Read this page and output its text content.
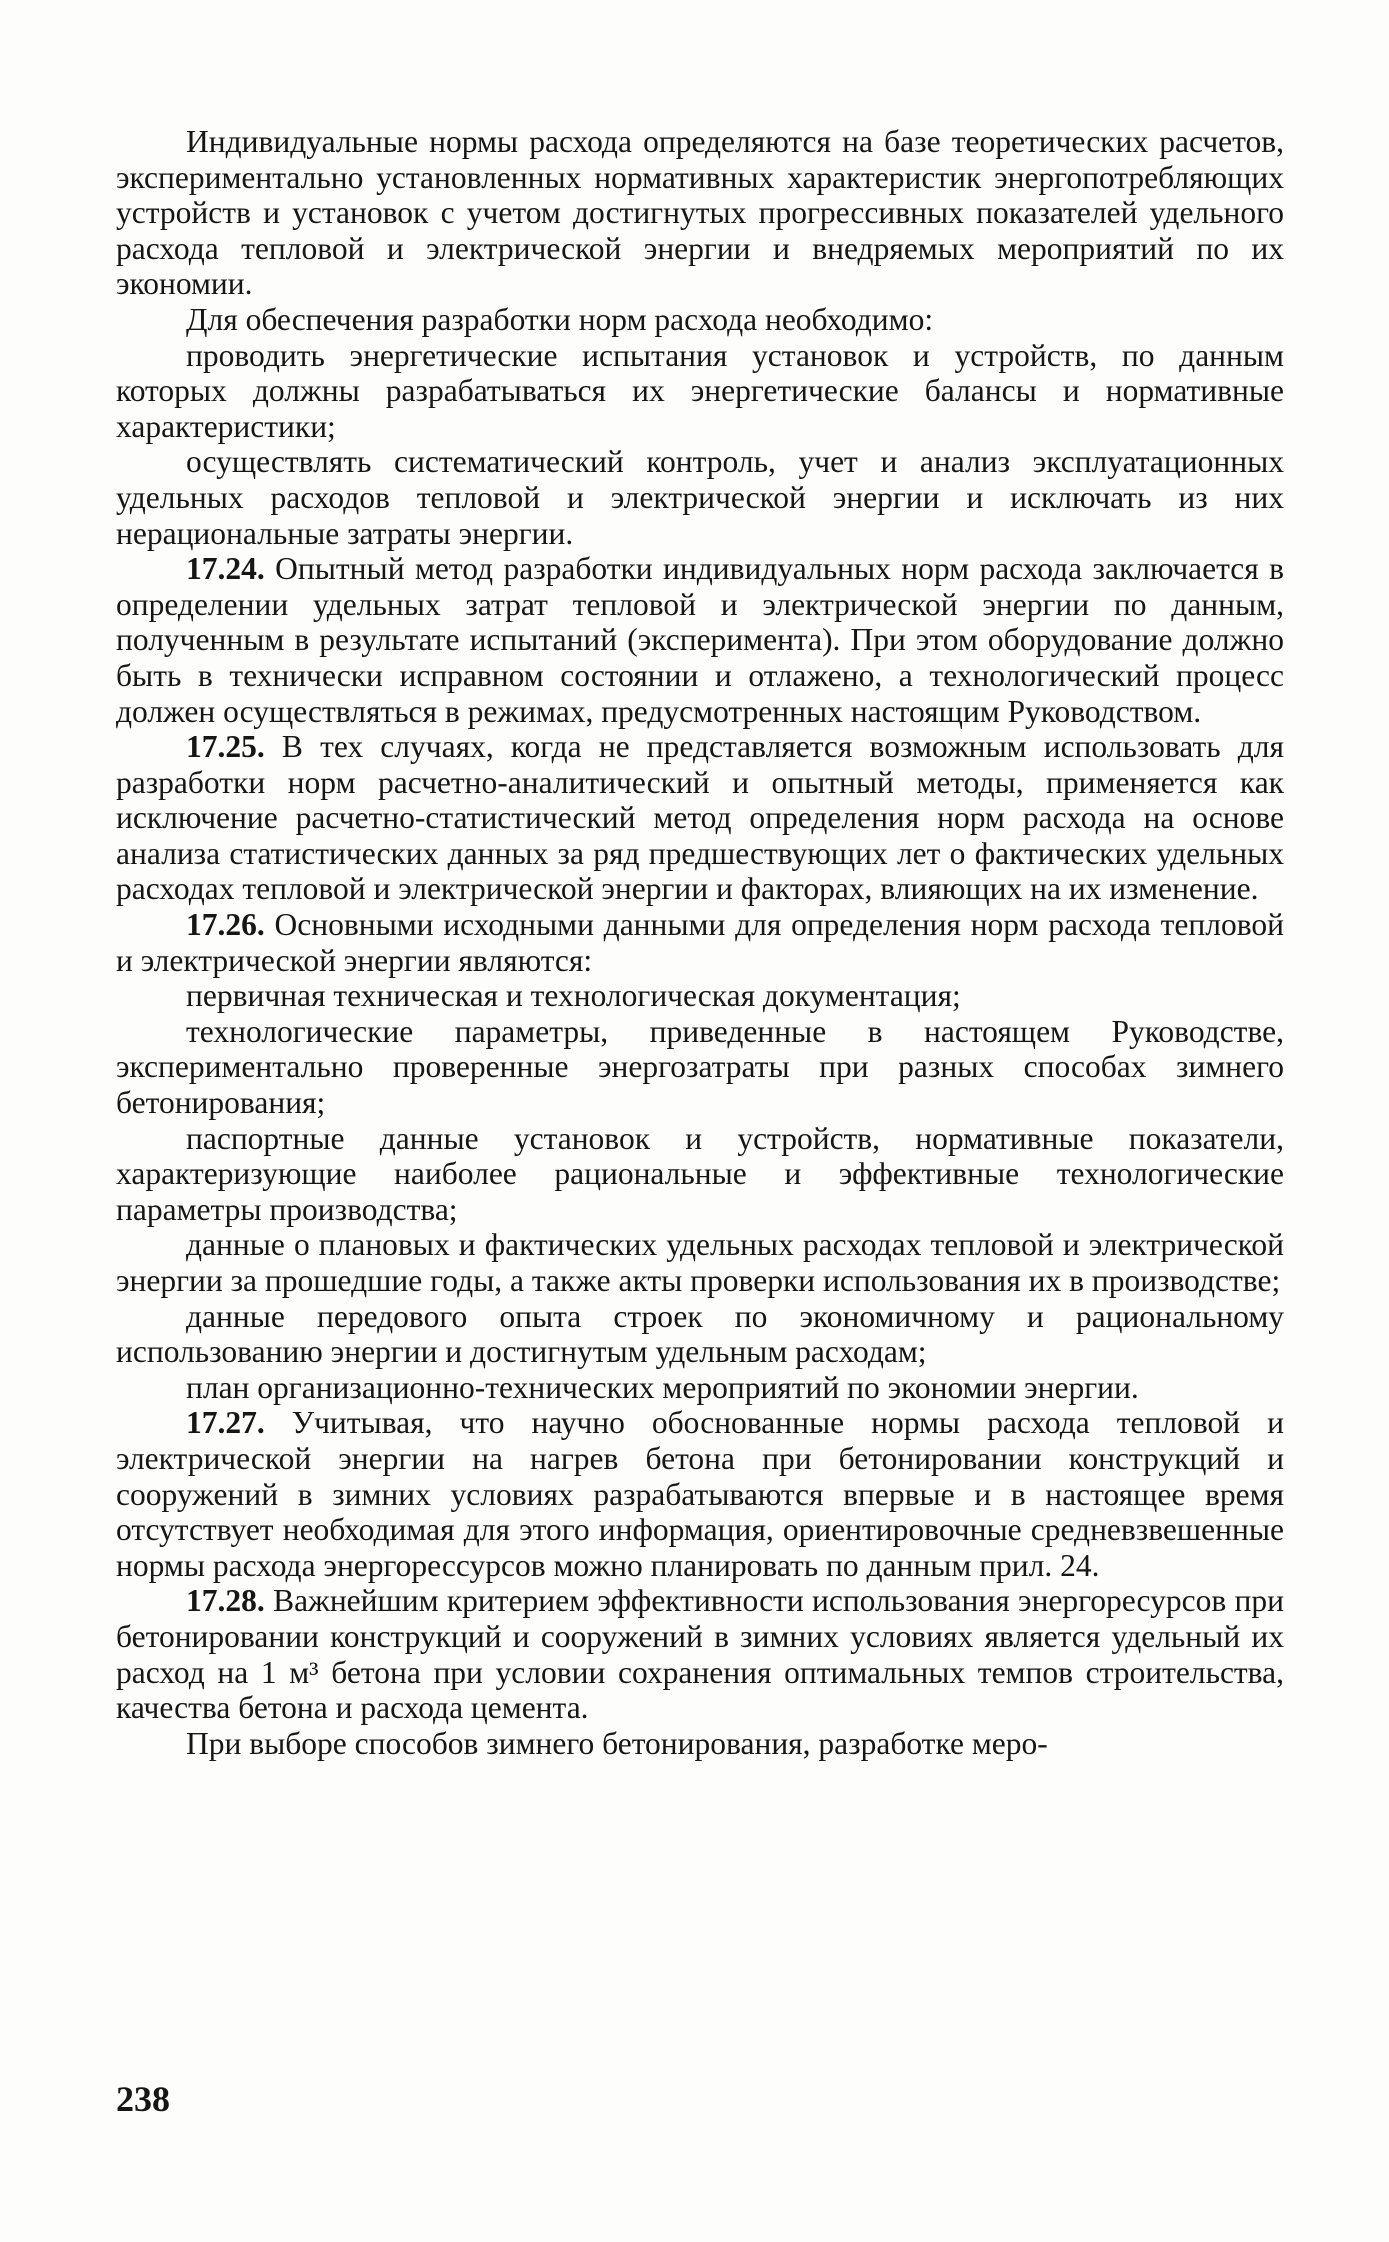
Индивидуальные нормы расхода определяются на базе теоретических расчетов, экспериментально установленных нормативных характеристик энергопотребляющих устройств и установок с учетом достигнутых прогрессивных показателей удельного расхода тепловой и электрической энергии и внедряемых мероприятий по их экономии.

Для обеспечения разработки норм расхода необходимо:

проводить энергетические испытания установок и устройств, по данным которых должны разрабатываться их энергетические балансы и нормативные характеристики;

осуществлять систематический контроль, учет и анализ эксплуатационных удельных расходов тепловой и электрической энергии и исключать из них нерациональные затраты энергии.

17.24. Опытный метод разработки индивидуальных норм расхода заключается в определении удельных затрат тепловой и электрической энергии по данным, полученным в результате испытаний (эксперимента). При этом оборудование должно быть в технически исправном состоянии и отлажено, а технологический процесс должен осуществляться в режимах, предусмотренных настоящим Руководством.

17.25. В тех случаях, когда не представляется возможным использовать для разработки норм расчетно-аналитический и опытный методы, применяется как исключение расчетно-статистический метод определения норм расхода на основе анализа статистических данных за ряд предшествующих лет о фактических удельных расходах тепловой и электрической энергии и факторах, влияющих на их изменение.

17.26. Основными исходными данными для определения норм расхода тепловой и электрической энергии являются:

первичная техническая и технологическая документация;

технологические параметры, приведенные в настоящем Руководстве, экспериментально проверенные энергозатраты при разных способах зимнего бетонирования;

паспортные данные установок и устройств, нормативные показатели, характеризующие наиболее рациональные и эффективные технологические параметры производства;

данные о плановых и фактических удельных расходах тепловой и электрической энергии за прошедшие годы, а также акты проверки использования их в производстве;

данные передового опыта строек по экономичному и рациональному использованию энергии и достигнутым удельным расходам;

план организационно-технических мероприятий по экономии энергии.

17.27. Учитывая, что научно обоснованные нормы расхода тепловой и электрической энергии на нагрев бетона при бетонировании конструкций и сооружений в зимних условиях разрабатываются впервые и в настоящее время отсутствует необходимая для этого информация, ориентировочные средневзвешенные нормы расхода энергорессурсов можно планировать по данным прил. 24.

17.28. Важнейшим критерием эффективности использования энергоресурсов при бетонировании конструкций и сооружений в зимних условиях является удельный их расход на 1 м³ бетона при условии сохранения оптимальных темпов строительства, качества бетона и расхода цемента.

При выборе способов зимнего бетонирования, разработке меро-

238
